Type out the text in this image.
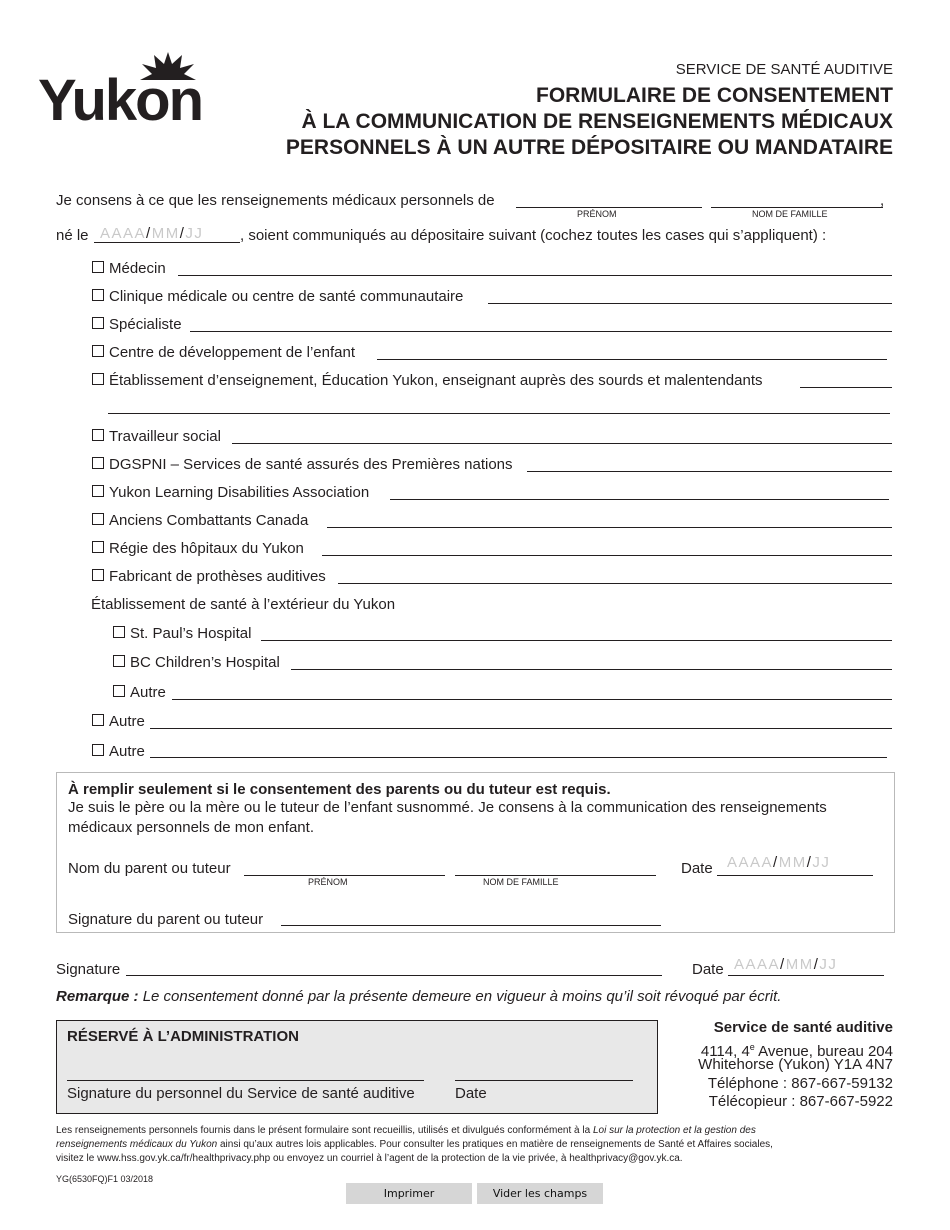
Yukon	SERVICE DE SANTÉ AUDITIVE
FORMULAIRE DE CONSENTEMENT
À LA COMMUNICATION DE RENSEIGNEMENTS MÉDICAUX
PERSONNELS À UN AUTRE DÉPOSITAIRE OU MANDATAIRE
Je consens à ce que les renseignements médicaux personnels de
PRÉNOM	NOM DE FAMILLE
,
né le AAAA/MM/JJ , soient communiqués au dépositaire suivant (cochez toutes les cases qui s’appliquent) :
Médecin
Clinique médicale ou centre de santé communautaire
Spécialiste
Centre de développement de l’enfant
Établissement d’enseignement, Éducation Yukon, enseignant auprès des sourds et malentendants
Travailleur social
DGSPNI – Services de santé assurés des Premières nations
Yukon Learning Disabilities Association
Anciens Combattants Canada
Régie des hôpitaux du Yukon
Fabricant de prothèses auditives
Établissement de santé à l’extérieur du Yukon
St. Paul’s Hospital
BC Children’s Hospital
Autre
Autre
Autre
À remplir seulement si le consentement des parents ou du tuteur est requis.
Je suis le père ou la mère ou le tuteur de l’enfant susnommé. Je consens à la communication des renseignements
médicaux personnels de mon enfant.
Nom du parent ou tuteur
PRÉNOM	NOM DE FAMILLE
Date AAAA/MM/JJ
Signature du parent ou tuteur
Signature	Date AAAA/MM/JJ
Remarque : Le consentement donné par la présente demeure en vigueur à moins qu’il soit révoqué par écrit.
RÉSERVÉ À L’ADMINISTRATION
Signature du personnel du Service de santé auditive	Date
Service de santé auditive
4114, 4e Avenue, bureau 204
Whitehorse (Yukon) Y1A 4N7
Téléphone : 867-667-59132
Télécopieur : 867-667-5922
Les renseignements personnels fournis dans le présent formulaire sont recueillis, utilisés et divulgués conformément à la Loi sur la protection et la gestion des
renseignements médicaux du Yukon ainsi qu’aux autres lois applicables. Pour consulter les pratiques en matière de renseignements de Santé et Affaires sociales,
visitez le www.hss.gov.yk.ca/fr/healthprivacy.php ou envoyez un courriel à l’agent de la protection de la vie privée, à healthprivacy@gov.yk.ca.
YG(6530FQ)F1 03/2018
Imprimer	Vider les champs
